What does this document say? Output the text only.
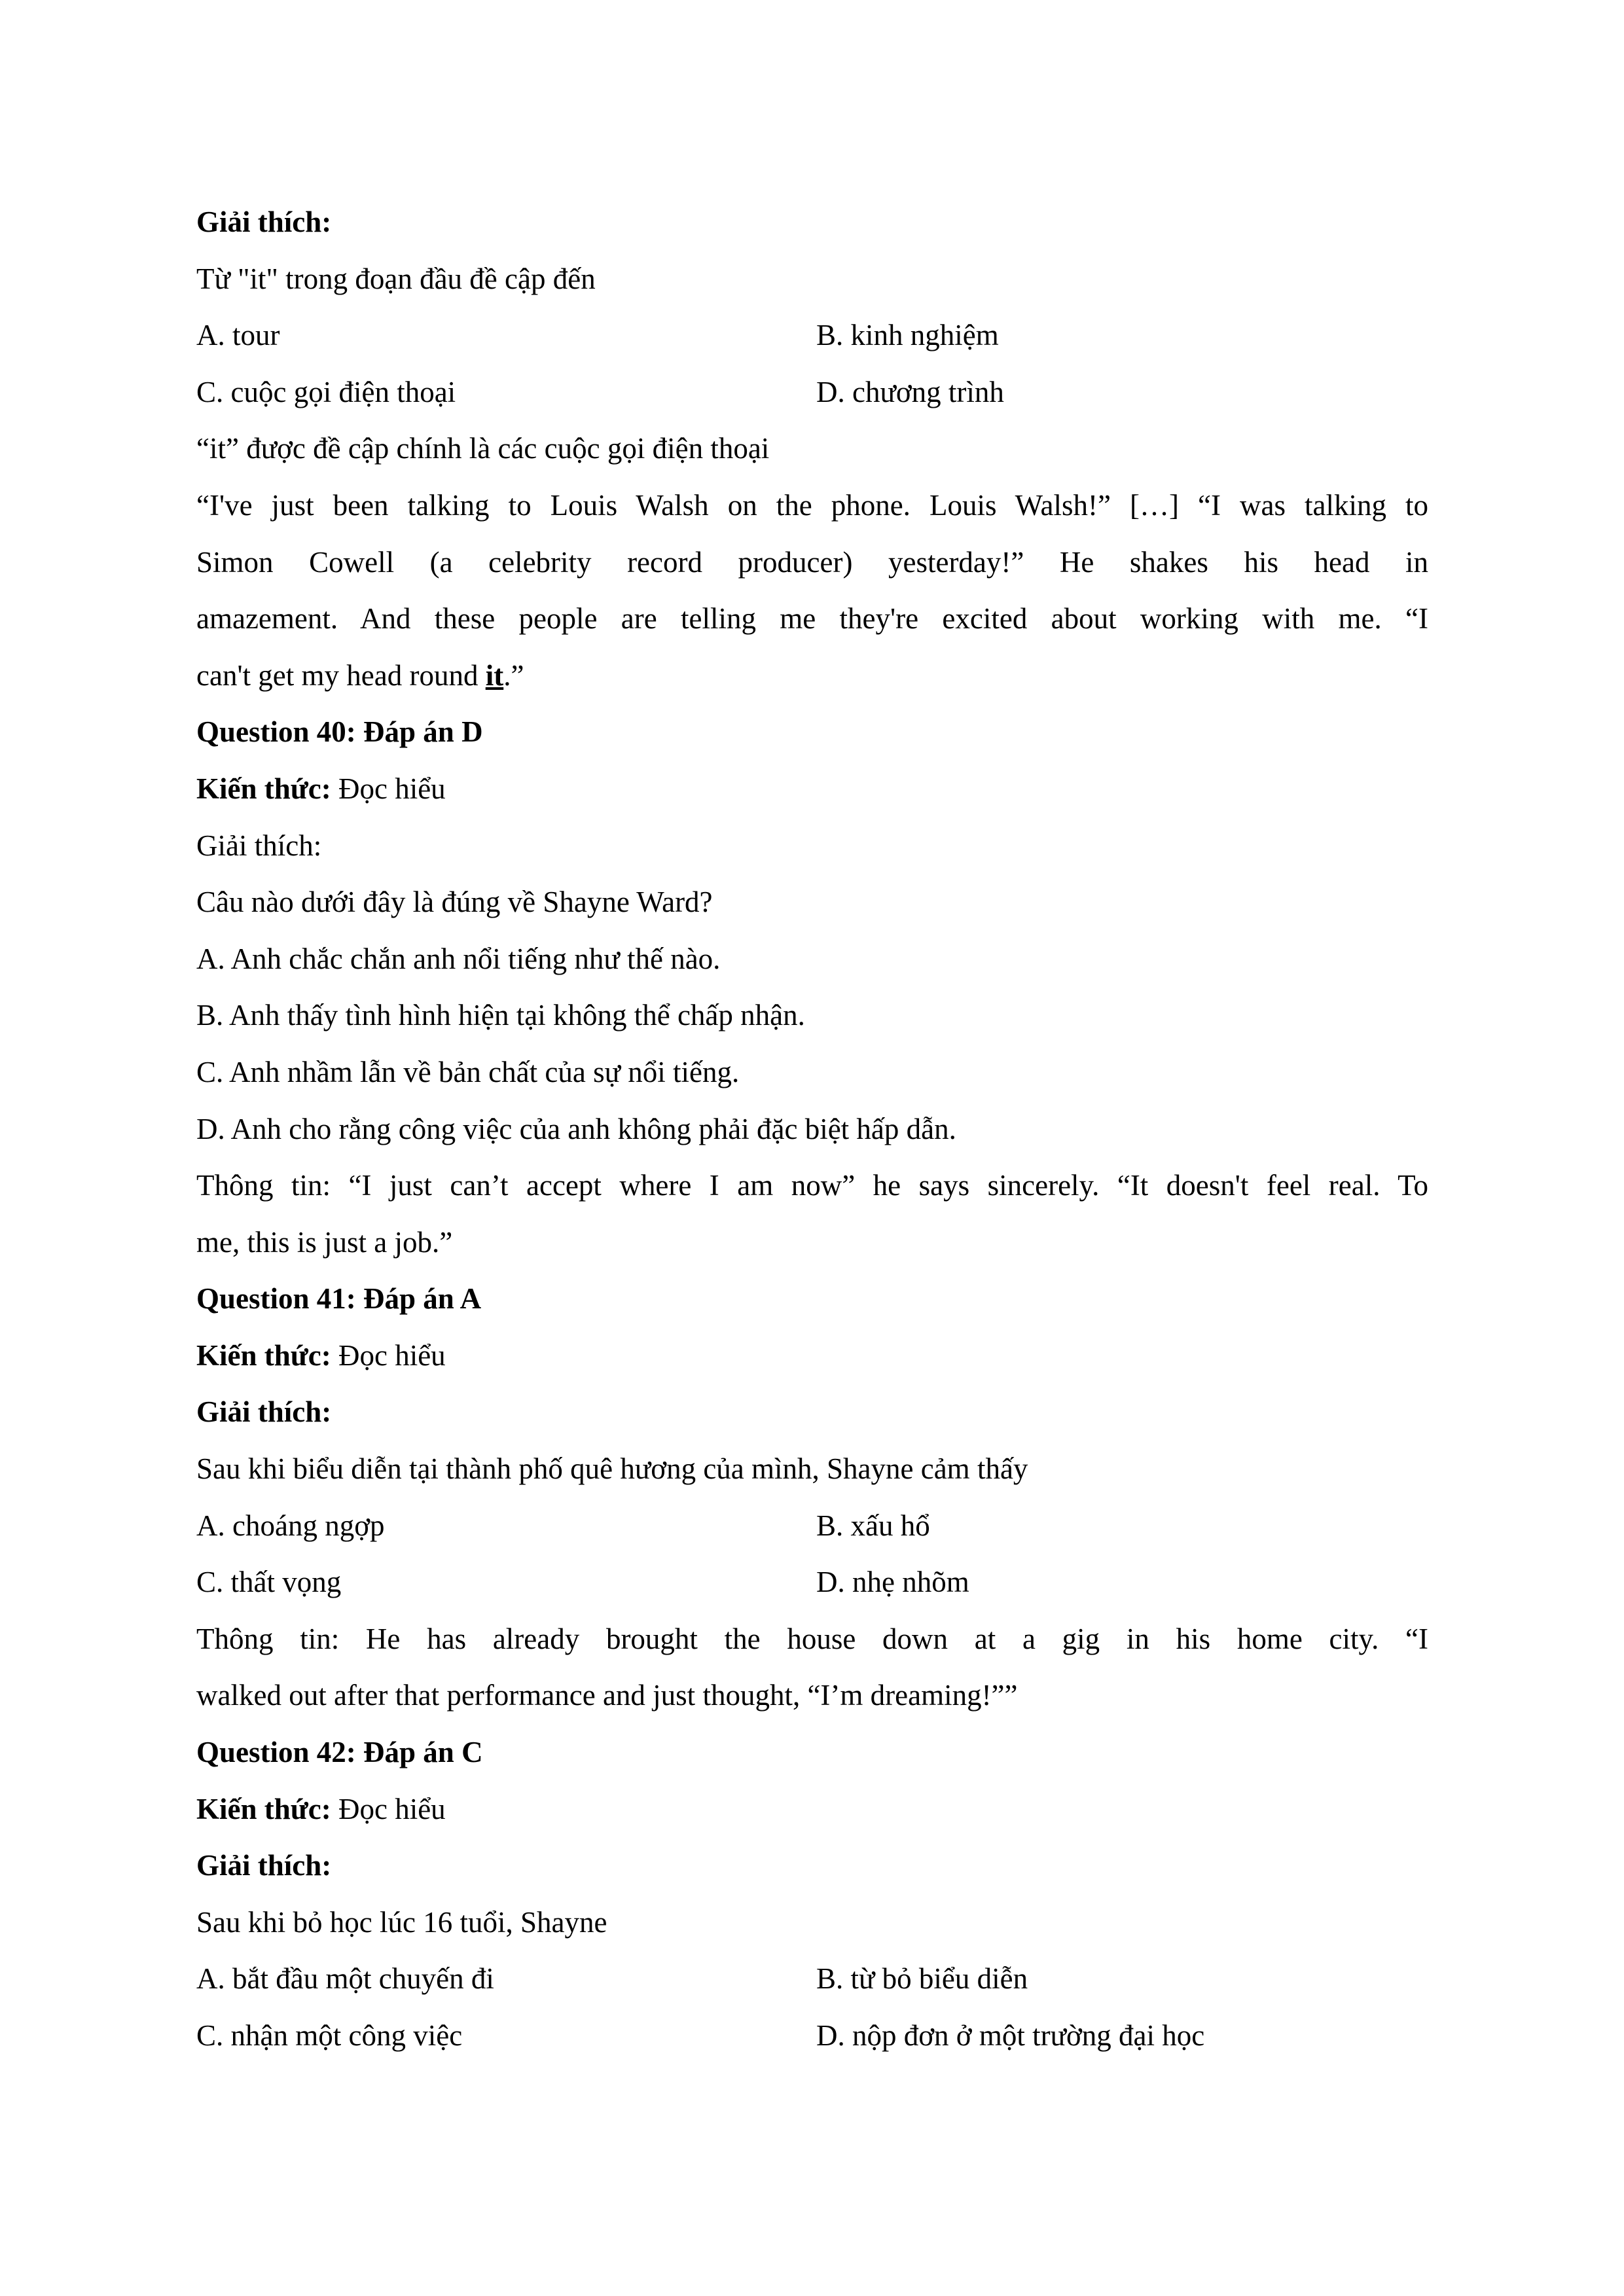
Giải thích:
Từ "it" trong đoạn đầu đề cập đến
A. tour	B. kinh nghiệm
C. cuộc gọi điện thoại	D. chương trình
“it” được đề cập chính là các cuộc gọi điện thoại
“I've just been talking to Louis Walsh on the phone. Louis Walsh!” […] “I was talking to
Simon Cowell (a celebrity record producer) yesterday!” He shakes his head in
amazement. And these people are telling me they're excited about working with me. “I
can't get my head round it.”
Question 40: Đáp án D
Kiến thức: Đọc hiểu
Giải thích:
Câu nào dưới đây là đúng về Shayne Ward?
A. Anh chắc chắn anh nổi tiếng như thế nào.
B. Anh thấy tình hình hiện tại không thể chấp nhận.
C. Anh nhầm lẫn về bản chất của sự nổi tiếng.
D. Anh cho rằng công việc của anh không phải đặc biệt hấp dẫn.
Thông tin: “I just can’t accept where I am now” he says sincerely. “It doesn't feel real. To
me, this is just a job.”
Question 41: Đáp án A
Kiến thức: Đọc hiểu
Giải thích:
Sau khi biểu diễn tại thành phố quê hương của mình, Shayne cảm thấy
A. choáng ngợp	B. xấu hổ
C. thất vọng	D. nhẹ nhõm
Thông tin: He has already brought the house down at a gig in his home city. “I
walked out after that performance and just thought, “I’m dreaming!””
Question 42: Đáp án C
Kiến thức: Đọc hiểu
Giải thích:
Sau khi bỏ học lúc 16 tuổi, Shayne
A. bắt đầu một chuyến đi	B. từ bỏ biểu diễn
C. nhận một công việc	D. nộp đơn ở một trường đại học
